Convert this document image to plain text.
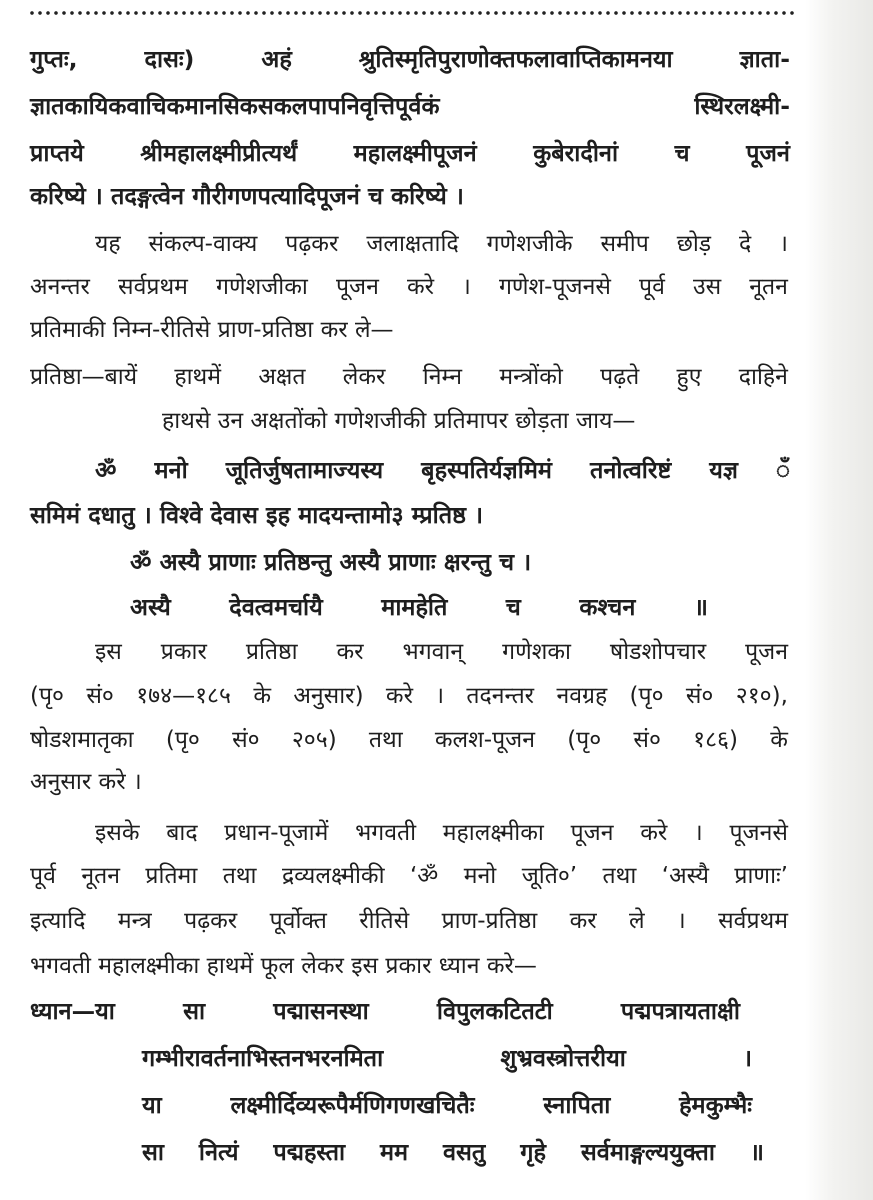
गुप्तः,	दासः)	अहं	श्रुतिस्मृतिपुराणोक्तफलावाप्तिकामनया	ज्ञाता-
ज्ञातकायिकवाचिकमानसिकसकलपापनिवृत्तिपूर्वकं	स्थिरलक्ष्मी-
प्राप्तये श्रीमहालक्ष्मीप्रीत्यर्थं महालक्ष्मीपूजनं कुबेरादीनां च पूजनं
करिष्ये । तदङ्गत्वेन गौरीगणपत्यादिपूजनं च करिष्ये ।
यह संकल्प-वाक्य पढ़कर जलाक्षतादि गणेशजीके समीप छोड़ दे ।
अनन्तर सर्वप्रथम गणेशजीका पूजन करे । गणेश-पूजनसे पूर्व उस नूतन
प्रतिमाकी निम्न-रीतिसे प्राण-प्रतिष्ठा कर ले—
प्रतिष्ठा—बायें हाथमें अक्षत लेकर निम्न मन्त्रोंको पढ़ते हुए दाहिने
हाथसे उन अक्षतोंको गणेशजीकी प्रतिमापर छोड़ता जाय—
ॐ मनो जूतिर्जुषतामाज्यस्य बृहस्पतिर्यज्ञमिमं तनोत्वरिष्टं यज्ञ ँ
समिमं दधातु । विश्वे देवास इह मादयन्तामो३ म्प्रतिष्ठ ।
ॐ अस्यै प्राणाः प्रतिष्ठन्तु अस्यै प्राणाः क्षरन्तु च ।
अस्यै देवत्वमर्चायै मामहेति च कश्चन ॥
इस प्रकार प्रतिष्ठा कर भगवान् गणेशका षोडशोपचार पूजन
(पृ० सं० १७४—१८५ के अनुसार) करे । तदनन्तर नवग्रह (पृ० सं० २१०),
षोडशमातृका (पृ० सं० २०५) तथा कलश-पूजन (पृ० सं० १८६) के
अनुसार करे ।
इसके बाद प्रधान-पूजामें भगवती महालक्ष्मीका पूजन करे । पूजनसे
पूर्व नूतन प्रतिमा तथा द्रव्यलक्ष्मीकी ‘ॐ मनो जूति०’ तथा ‘अस्यै प्राणाः’
इत्यादि मन्त्र पढ़कर पूर्वोक्त रीतिसे प्राण-प्रतिष्ठा कर ले । सर्वप्रथम
भगवती महालक्ष्मीका हाथमें फूल लेकर इस प्रकार ध्यान करे—
ध्यान—या	सा	पद्मासनस्था	विपुलकटितटी	पद्मपत्रायताक्षी
गम्भीरावर्तनाभिस्तनभरनमिता	शुभ्रवस्त्रोत्तरीया	।
या	लक्ष्मीर्दिव्यरूपैर्मणिगणखचितैः	स्नापिता	हेमकुम्भैः
सा नित्यं पद्महस्ता मम वसतु गृहे सर्वमाङ्गल्ययुक्ता ॥
